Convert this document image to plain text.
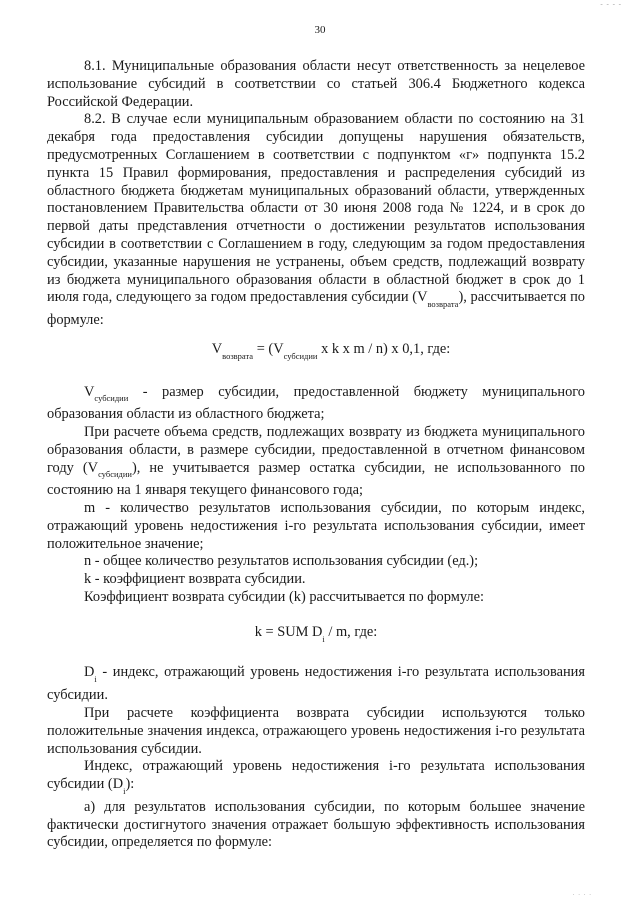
- - - -
30

8.1. Муниципальные образования области несут ответственность за нецелевое использование субсидий в соответствии со статьей 306.4 Бюджетного кодекса Российской Федерации.

8.2. В случае если муниципальным образованием области по состоянию на 31 декабря года предоставления субсидии допущены нарушения обязательств, предусмотренных Соглашением в соответствии с подпунктом «г» подпункта 15.2 пункта 15 Правил формирования, предоставления и распределения субсидий из областного бюджета бюджетам муниципальных образований области, утвержденных постановлением Правительства области от 30 июня 2008 года № 1224, и в срок до первой даты представления отчетности о достижении результатов использования субсидии в соответствии с Соглашением в году, следующим за годом предоставления субсидии, указанные нарушения не устранены, объем средств, подлежащий возврату из бюджета муниципального образования области в областной бюджет в срок до 1 июля года, следующего за годом предоставления субсидии $(V_{возврата})$, рассчитывается по формуле:

$V_{возврата} = (V_{субсидии}$ x k x m / n) x 0,1, где:

$V_{субсидии}$ - размер субсидии, предоставленной бюджету муниципального образования области из областного бюджета;

При расчете объема средств, подлежащих возврату из бюджета муниципального образования области, в размере субсидии, предоставленной в отчетном финансовом году $(V_{субсидии})$, не учитывается размер остатка субсидии, не использованного по состоянию на 1 января текущего финансового года;

m - количество результатов использования субсидии, по которым индекс, отражающий уровень недостижения i-го результата использования субсидии, имеет положительное значение;

n - общее количество результатов использования субсидии (ед.);

k - коэффициент возврата субсидии.

Коэффициент возврата субсидии (k) рассчитывается по формуле:

k = SUM $D_i$ / m, где:

$D_i$ - индекс, отражающий уровень недостижения i-го результата использования субсидии.

При расчете коэффициента возврата субсидии используются только положительные значения индекса, отражающего уровень недостижения i-го результата использования субсидии.

Индекс, отражающий уровень недостижения i-го результата использования субсидии $(D_i)$:

а) для результатов использования субсидии, по которым большее значение фактически достигнутого значения отражает большую эффективность использования субсидии, определяется по формуле:

. . . .
